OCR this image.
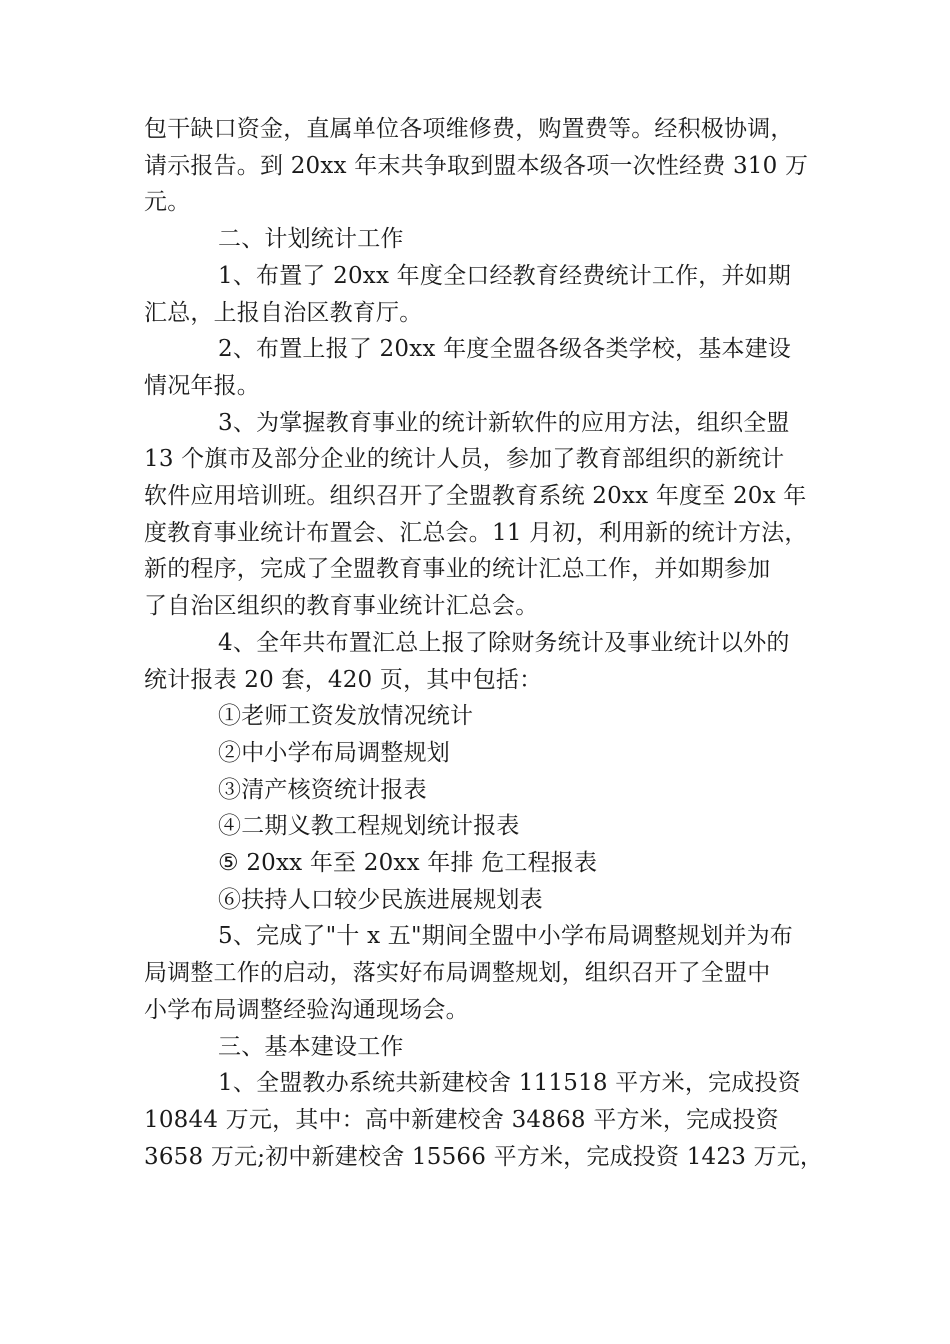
包干缺口资金，直属单位各项维修费，购置费等。经积极协调，
请示报告。到 20xx 年末共争取到盟本级各项一次性经费 310 万
元。
二、计划统计工作
1、布置了 20xx 年度全口经教育经费统计工作，并如期
汇总，上报自治区教育厅。
2、布置上报了 20xx 年度全盟各级各类学校，基本建设
情况年报。
3、为掌握教育事业的统计新软件的应用方法，组织全盟
13 个旗市及部分企业的统计人员，参加了教育部组织的新统计
软件应用培训班。组织召开了全盟教育系统 20xx 年度至 20x 年
度教育事业统计布置会、汇总会。11 月初，利用新的统计方法，
新的程序，完成了全盟教育事业的统计汇总工作，并如期参加
了自治区组织的教育事业统计汇总会。
4、全年共布置汇总上报了除财务统计及事业统计以外的
统计报表 20 套，420 页，其中包括：
①老师工资发放情况统计
②中小学布局调整规划
③清产核资统计报表
④二期义教工程规划统计报表
⑤ 20xx 年至 20xx 年排 危工程报表
⑥扶持人口较少民族进展规划表
5、完成了"十 x 五"期间全盟中小学布局调整规划并为布
局调整工作的启动，落实好布局调整规划，组织召开了全盟中
小学布局调整经验沟通现场会。
三、基本建设工作
1、全盟教办系统共新建校舍 111518 平方米，完成投资
10844 万元，其中：高中新建校舍 34868 平方米，完成投资
3658 万元;初中新建校舍 15566 平方米，完成投资 1423 万元，
